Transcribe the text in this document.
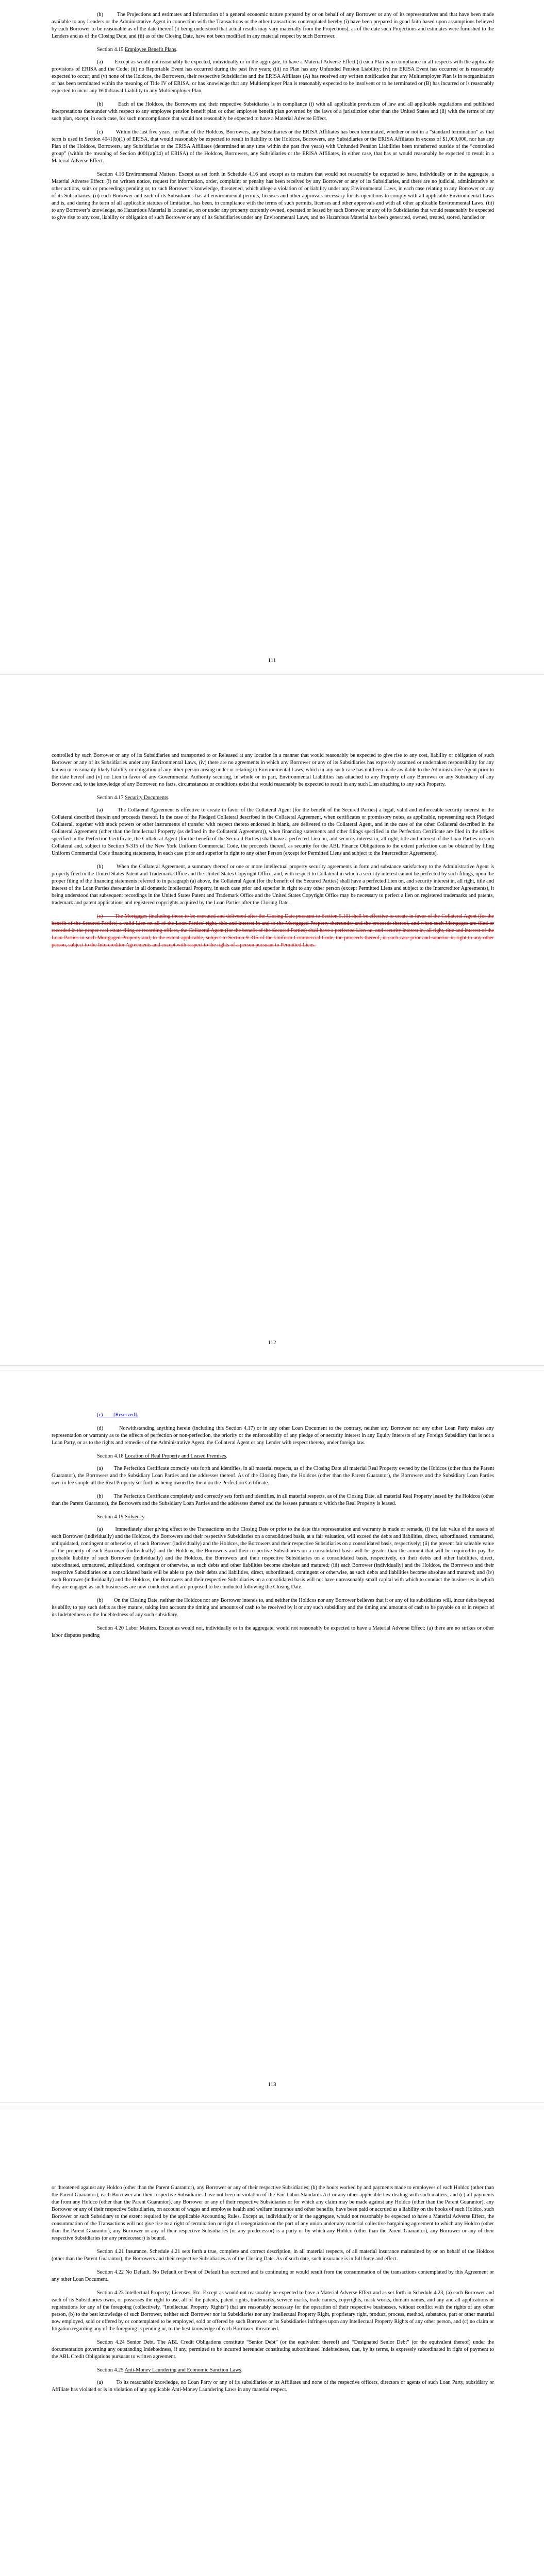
(b)        The Projections and estimates and information of a general economic nature prepared by or on behalf of any Borrower or any of its representatives and that have been made available to any Lenders or the Administrative Agent in connection with the Transactions or the other transactions contemplated hereby (i) have been prepared in good faith based upon assumptions believed by each Borrower to be reasonable as of the date thereof (it being understood that actual results may vary materially from the Projections), as of the date such Projections and estimates were furnished to the Lenders and as of the Closing Date, and (ii) as of the Closing Date, have not been modified in any material respect by such Borrower.

Section 4.15 Employee Benefit Plans.

(a)        Except as would not reasonably be expected, individually or in the aggregate, to have a Material Adverse Effect:(i) each Plan is in compliance in all respects with the applicable provisions of ERISA and the Code; (ii) no Reportable Event has occurred during the past five years; (iii) no Plan has any Unfunded Pension Liability; (iv) no ERISA Event has occurred or is reasonably expected to occur; and (v) none of the Holdcos, the Borrowers, their respective Subsidiaries and the ERISA Affiliates (A) has received any written notification that any Multiemployer Plan is in reorganization or has been terminated within the meaning of Title IV of ERISA, or has knowledge that any Multiemployer Plan is reasonably expected to be insolvent or to be terminated or (B) has incurred or is reasonably expected to incur any Withdrawal Liability to any Multiemployer Plan.

(b)        Each of the Holdcos, the Borrowers and their respective Subsidiaries is in compliance (i) with all applicable provisions of law and all applicable regulations and published interpretations thereunder with respect to any employee pension benefit plan or other employee benefit plan governed by the laws of a jurisdiction other than the United States and (ii) with the terms of any such plan, except, in each case, for such noncompliance that would not reasonably be expected to have a Material Adverse Effect.

(c)        Within the last five years, no Plan of the Holdcos, Borrowers, any Subsidiaries or the ERISA Affiliates has been terminated, whether or not in a “standard termination” as that term is used in Section 4041(b)(1) of ERISA, that would reasonably be expected to result in liability to the Holdcos, Borrowers, any Subsidiaries or the ERISA Affiliates in excess of $1,000,000, nor has any Plan of the Holdcos, Borrowers, any Subsidiaries or the ERISA Affiliates (determined at any time within the past five years) with Unfunded Pension Liabilities been transferred outside of the “controlled group” (within the meaning of Section 4001(a)(14) of ERISA) of the Holdcos, Borrowers, any Subsidiaries or the ERISA Affiliates, in either case, that has or would reasonably be expected to result in a Material Adverse Effect.

Section 4.16 Environmental Matters. Except as set forth in Schedule 4.16 and except as to matters that would not reasonably be expected to have, individually or in the aggregate, a Material Adverse Effect: (i) no written notice, request for information, order, complaint or penalty has been received by any Borrower or any of its Subsidiaries, and there are no judicial, administrative or other actions, suits or proceedings pending or, to such Borrower’s knowledge, threatened, which allege a violation of or liability under any Environmental Laws, in each case relating to any Borrower or any of its Subsidiaries, (ii) each Borrower and each of its Subsidiaries has all environmental permits, licenses and other approvals necessary for its operations to comply with all applicable Environmental Laws and is, and during the term of all applicable statutes of limitation, has been, in compliance with the terms of such permits, licenses and other approvals and with all other applicable Environmental Laws, (iii) to any Borrower’s knowledge, no Hazardous Material is located at, on or under any property currently owned, operated or leased by such Borrower or any of its Subsidiaries that would reasonably be expected to give rise to any cost, liability or obligation of such Borrower or any of its Subsidiaries under any Environmental Laws, and no Hazardous Material has been generated, owned, treated, stored, handled or

111

controlled by such Borrower or any of its Subsidiaries and transported to or Released at any location in a manner that would reasonably be expected to give rise to any cost, liability or obligation of such Borrower or any of its Subsidiaries under any Environmental Laws, (iv) there are no agreements in which any Borrower or any of its Subsidiaries has expressly assumed or undertaken responsibility for any known or reasonably likely liability or obligation of any other person arising under or relating to Environmental Laws, which in any such case has not been made available to the Administrative Agent prior to the date hereof and (v) no Lien in favor of any Governmental Authority securing, in whole or in part, Environmental Liabilities has attached to any Property of any Borrower or any Subsidiary of any Borrower and, to the knowledge of any Borrower, no facts, circumstances or conditions exist that would reasonably be expected to result in any such Lien attaching to any such Property.

Section 4.17 Security Documents.

(a)        The Collateral Agreement is effective to create in favor of the Collateral Agent (for the benefit of the Secured Parties) a legal, valid and enforceable security interest in the Collateral described therein and proceeds thereof. In the case of the Pledged Collateral described in the Collateral Agreement, when certificates or promissory notes, as applicable, representing such Pledged Collateral, together with stock powers or other instruments of transfer with respect thereto endorsed in blank, are delivered to the Collateral Agent, and in the case of the other Collateral described in the Collateral Agreement (other than the Intellectual Property (as defined in the Collateral Agreement)), when financing statements and other filings specified in the Perfection Certificate are filed in the offices specified in the Perfection Certificate, the Collateral Agent (for the benefit of the Secured Parties) shall have a perfected Lien on, and security interest in, all right, title and interest of the Loan Parties in such Collateral and, subject to Section 9-315 of the New York Uniform Commercial Code, the proceeds thereof, as security for the ABL Finance Obligations to the extent perfection can be obtained by filing Uniform Commercial Code financing statements, in each case prior and superior in right to any other Person (except for Permitted Liens and subject to the Intercreditor Agreements).

(b)        When the Collateral Agreement, a summary thereof or one or more intellectual property security agreements in form and substance satisfactory to the Administrative Agent is properly filed in the United States Patent and Trademark Office and the United States Copyright Office, and, with respect to Collateral in which a security interest cannot be perfected by such filings, upon the proper filing of the financing statements referred to in paragraph (a) above, the Collateral Agent (for the benefit of the Secured Parties) shall have a perfected Lien on, and security interest in, all right, title and interest of the Loan Parties thereunder in all domestic Intellectual Property, in each case prior and superior in right to any other person (except Permitted Liens and subject to the Intercreditor Agreements), it being understood that subsequent recordings in the United States Patent and Trademark Office and the United States Copyright Office may be necessary to perfect a lien on registered trademarks and patents, trademark and patent applications and registered copyrights acquired by the Loan Parties after the Closing Date.

(c)        The Mortgages (including those to be executed and delivered after the Closing Date pursuant to Section 5.10) shall be effective to create in favor of the Collateral Agent (for the benefit of the Secured Parties) a valid Lien on all of the Loan Parties’ right, title and interest in and to the Mortgaged Property thereunder and the proceeds thereof, and when such Mortgages are filed or recorded in the proper real estate filing or recording offices, the Collateral Agent (for the benefit of the Secured Parties) shall have a perfected Lien on, and security interest in, all right, title and interest of the Loan Parties in such Mortgaged Property and, to the extent applicable, subject to Section 9-315 of the Uniform Commercial Code, the proceeds thereof, in each case prior and superior in right to any other person, subject to the Intercreditor Agreements and except with respect to the rights of a person pursuant to Permitted Liens.

112

(c)        [Reserved].

(d)        Notwithstanding anything herein (including this Section 4.17) or in any other Loan Document to the contrary, neither any Borrower nor any other Loan Party makes any representation or warranty as to the effects of perfection or non-perfection, the priority or the enforceability of any pledge of or security interest in any Equity Interests of any Foreign Subsidiary that is not a Loan Party, or as to the rights and remedies of the Administrative Agent, the Collateral Agent or any Lender with respect thereto, under foreign law.

Section 4.18 Location of Real Property and Leased Premises.

(a)        The Perfection Certificate correctly sets forth and identifies, in all material respects, as of the Closing Date all material Real Property owned by the Holdcos (other than the Parent Guarantor), the Borrowers and the Subsidiary Loan Parties and the addresses thereof. As of the Closing Date, the Holdcos (other than the Parent Guarantor), the Borrowers and the Subsidiary Loan Parties own in fee simple all the Real Property set forth as being owned by them on the Perfection Certificate.

(b)        The Perfection Certificate completely and correctly sets forth and identifies, in all material respects, as of the Closing Date, all material Real Property leased by the Holdcos (other than the Parent Guarantor), the Borrowers and the Subsidiary Loan Parties and the addresses thereof and the lessees pursuant to which the Real Property is leased.

Section 4.19 Solvency.

(a)        Immediately after giving effect to the Transactions on the Closing Date or prior to the date this representation and warranty is made or remade, (i) the fair value of the assets of each Borrower (individually) and the Holdcos, the Borrowers and their respective Subsidiaries on a consolidated basis, at a fair valuation, will exceed the debts and liabilities, direct, subordinated, unmatured, unliquidated, contingent or otherwise, of such Borrower (individually) and the Holdcos, the Borrowers and their respective Subsidiaries on a consolidated basis, respectively; (ii) the present fair saleable value of the property of each Borrower (individually) and the Holdcos, the Borrowers and their respective Subsidiaries on a consolidated basis will be greater than the amount that will be required to pay the probable liability of such Borrower (individually) and the Holdcos, the Borrowers and their respective Subsidiaries on a consolidated basis, respectively, on their debts and other liabilities, direct, subordinated, unmatured, unliquidated, contingent or otherwise, as such debts and other liabilities become absolute and matured; (iii) each Borrower (individually) and the Holdcos, the Borrowers and their respective Subsidiaries on a consolidated basis will be able to pay their debts and liabilities, direct, subordinated, contingent or otherwise, as such debts and liabilities become absolute and matured; and (iv) each Borrower (individually) and the Holdcos, the Borrowers and their respective Subsidiaries on a consolidated basis will not have unreasonably small capital with which to conduct the businesses in which they are engaged as such businesses are now conducted and are proposed to be conducted following the Closing Date.

(b)        On the Closing Date, neither the Holdcos nor any Borrower intends to, and neither the Holdcos nor any Borrower believes that it or any of its subsidiaries will, incur debts beyond its ability to pay such debts as they mature, taking into account the timing and amounts of cash to be received by it or any such subsidiary and the timing and amounts of cash to be payable on or in respect of its Indebtedness or the Indebtedness of any such subsidiary.

Section 4.20 Labor Matters. Except as would not, individually or in the aggregate, would not reasonably be expected to have a Material Adverse Effect: (a) there are no strikes or other labor disputes pending

113

or threatened against any Holdco (other than the Parent Guarantor), any Borrower or any of their respective Subsidiaries; (b) the hours worked by and payments made to employees of each Holdco (other than the Parent Guarantor), each Borrower and their respective Subsidiaries have not been in violation of the Fair Labor Standards Act or any other applicable law dealing with such matters; and (c) all payments due from any Holdco (other than the Parent Guarantor), any Borrower or any of their respective Subsidiaries or for which any claim may be made against any Holdco (other than the Parent Guarantor), any Borrower or any of their respective Subsidiaries, on account of wages and employee health and welfare insurance and other benefits, have been paid or accrued as a liability on the books of such Holdco, such Borrower or such Subsidiary to the extent required by the applicable Accounting Rules. Except as, individually or in the aggregate, would not reasonably be expected to have a Material Adverse Effect, the consummation of the Transactions will not give rise to a right of termination or right of renegotiation on the part of any union under any material collective bargaining agreement to which any Holdco (other than the Parent Guarantor), any Borrower or any of their respective Subsidiaries (or any predecessor) is a party or by which any Holdco (other than the Parent Guarantor), any Borrower or any of their respective Subsidiaries (or any predecessor) is bound.

Section 4.21 Insurance. Schedule 4.21 sets forth a true, complete and correct description, in all material respects, of all material insurance maintained by or on behalf of the Holdcos (other than the Parent Guarantor), the Borrowers and their respective Subsidiaries as of the Closing Date. As of such date, such insurance is in full force and effect.

Section 4.22 No Default. No Default or Event of Default has occurred and is continuing or would result from the consummation of the transactions contemplated by this Agreement or any other Loan Document.

Section 4.23 Intellectual Property; Licenses, Etc. Except as would not reasonably be expected to have a Material Adverse Effect and as set forth in Schedule 4.23, (a) each Borrower and each of its Subsidiaries owns, or possesses the right to use, all of the patents, patent rights, trademarks, service marks, trade names, copyrights, mask works, domain names, and any and all applications or registrations for any of the foregoing (collectively, “Intellectual Property Rights”) that are reasonably necessary for the operation of their respective businesses, without conflict with the rights of any other person, (b) to the best knowledge of such Borrower, neither such Borrower nor its Subsidiaries nor any Intellectual Property Right, proprietary right, product, process, method, substance, part or other material now employed, sold or offered by or contemplated to be employed, sold or offered by such Borrower or its Subsidiaries infringes upon any Intellectual Property Rights of any other person, and (c) no claim or litigation regarding any of the foregoing is pending or, to the best knowledge of each Borrower, threatened.

Section 4.24 Senior Debt. The ABL Credit Obligations constitute “Senior Debt” (or the equivalent thereof) and “Designated Senior Debt” (or the equivalent thereof) under the documentation governing any outstanding Indebtedness, if any, permitted to be incurred hereunder constituting subordinated Indebtedness, that, by its terms, is expressly subordinated in right of payment to the ABL Credit Obligations pursuant to written agreement.

Section 4.25 Anti-Money Laundering and Economic Sanction Laws.

(a)        To its reasonable knowledge, no Loan Party or any of its subsidiaries or its Affiliates and none of the respective officers, directors or agents of such Loan Party, subsidiary or Affiliate has violated or is in violation of any applicable Anti-Money Laundering Laws in any material respect.
